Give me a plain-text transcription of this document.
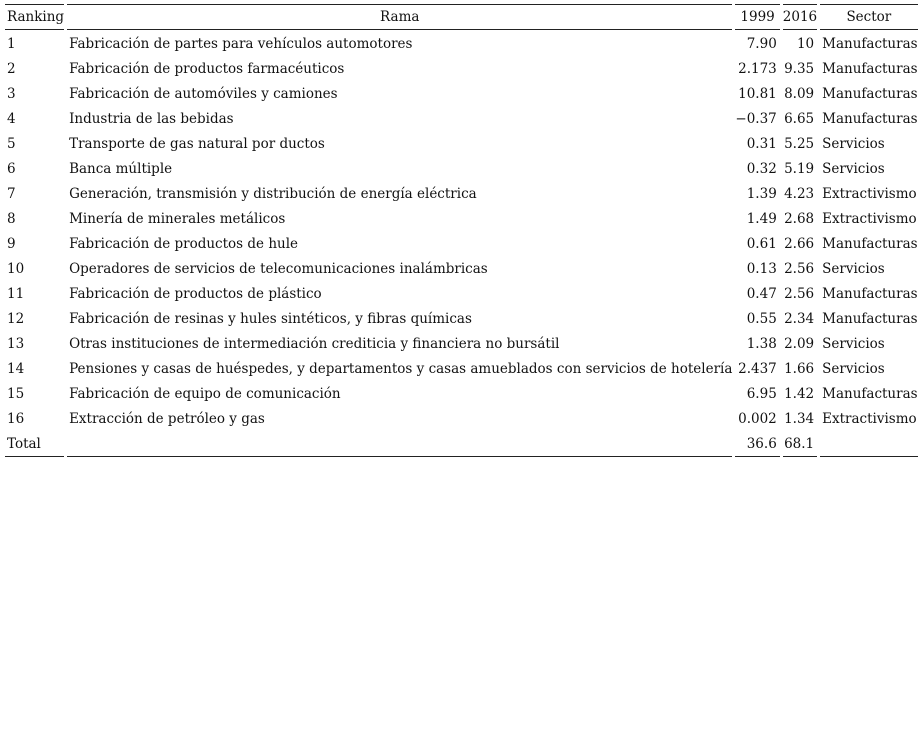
Ranking	Rama	1999	2016	Sector
1	Fabricación de partes para vehículos automotores	7.90	10	Manufacturas
2	Fabricación de productos farmacéuticos	2.173	9.35	Manufacturas
3	Fabricación de automóviles y camiones	10.81	8.09	Manufacturas
4	Industria de las bebidas	−0.37	6.65	Manufacturas
5	Transporte de gas natural por ductos	0.31	5.25	Servicios
6	Banca múltiple	0.32	5.19	Servicios
7	Generación, transmisión y distribución de energía eléctrica	1.39	4.23	Extractivismo
8	Minería de minerales metálicos	1.49	2.68	Extractivismo
9	Fabricación de productos de hule	0.61	2.66	Manufacturas
10	Operadores de servicios de telecomunicaciones inalámbricas	0.13	2.56	Servicios
11	Fabricación de productos de plástico	0.47	2.56	Manufacturas
12	Fabricación de resinas y hules sintéticos, y fibras químicas	0.55	2.34	Manufacturas
13	Otras instituciones de intermediación crediticia y financiera no bursátil	1.38	2.09	Servicios
14	Pensiones y casas de huéspedes, y departamentos y casas amueblados con servicios de hotelería	2.437	1.66	Servicios
15	Fabricación de equipo de comunicación	6.95	1.42	Manufacturas
16	Extracción de petróleo y gas	0.002	1.34	Extractivismo
Total		36.6	68.1	
